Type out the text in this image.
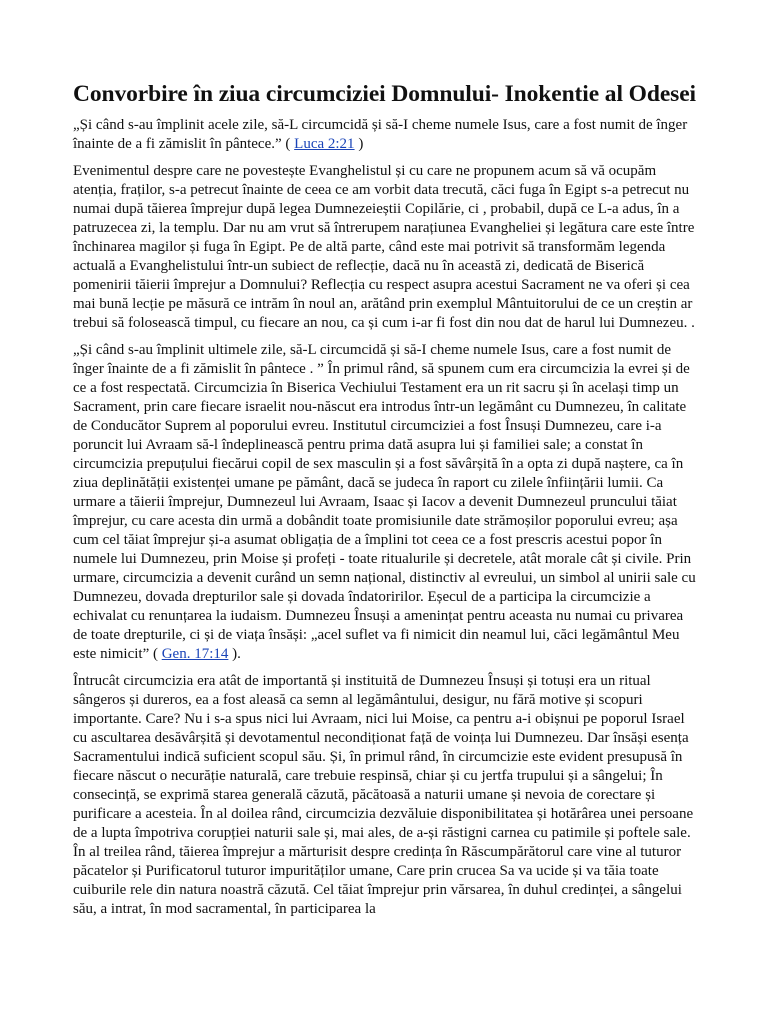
Convorbire în ziua circumciziei Domnului- Inokentie al Odesei

„Și când s-au împlinit acele zile, să-L circumcidă și să-I cheme numele Isus, care a fost numit de înger înainte de a fi zămislit în pântece.” ( Luca 2:21 )

Evenimentul despre care ne povestește Evanghelistul și cu care ne propunem acum să vă ocupăm atenția, fraților, s-a petrecut înainte de ceea ce am vorbit data trecută, căci fuga în Egipt s-a petrecut nu numai după tăierea împrejur după legea Dumnezeieștii Copilărie, ci , probabil, după ce L-a adus, în a patruzecea zi, la templu. Dar nu am vrut să întrerupem narațiunea Evangheliei și legătura care este între închinarea magilor și fuga în Egipt. Pe de altă parte, când este mai potrivit să transformăm legenda actuală a Evanghelistului într-un subiect de reflecție, dacă nu în această zi, dedicată de Biserică pomenirii tăierii împrejur a Domnului? Reflecția cu respect asupra acestui Sacrament ne va oferi și cea mai bună lecție pe măsură ce intrăm în noul an, arătând prin exemplul Mântuitorului de ce un creștin ar trebui să folosească timpul, cu fiecare an nou, ca și cum i-ar fi fost din nou dat de harul lui Dumnezeu. .

„Și când s-au împlinit ultimele zile, să-L circumcidă și să-I cheme numele Isus, care a fost numit de înger înainte de a fi zămislit în pântece . ” În primul rând, să spunem cum era circumcizia la evrei și de ce a fost respectată. Circumcizia în Biserica Vechiului Testament era un rit sacru și în același timp un Sacrament, prin care fiecare israelit nou-născut era introdus într-un legământ cu Dumnezeu, în calitate de Conducător Suprem al poporului evreu. Institutul circumciziei a fost Însuși Dumnezeu, care i-a poruncit lui Avraam să-l îndeplinească pentru prima dată asupra lui și familiei sale; a constat în circumcizia prepuțului fiecărui copil de sex masculin și a fost săvârșită în a opta zi după naștere, ca în ziua deplinătății existenței umane pe pământ, dacă se judeca în raport cu zilele înființării lumii. Ca urmare a tăierii împrejur, Dumnezeul lui Avraam, Isaac și Iacov a devenit Dumnezeul pruncului tăiat împrejur, cu care acesta din urmă a dobândit toate promisiunile date strămoșilor poporului evreu; așa cum cel tăiat împrejur și-a asumat obligația de a împlini tot ceea ce a fost prescris acestui popor în numele lui Dumnezeu, prin Moise și profeți - toate ritualurile și decretele, atât morale cât și civile. Prin urmare, circumcizia a devenit curând un semn național, distinctiv al evreului, un simbol al unirii sale cu Dumnezeu, dovada drepturilor sale și dovada îndatoririlor. Eșecul de a participa la circumcizie a echivalat cu renunțarea la iudaism. Dumnezeu Însuși a amenințat pentru aceasta nu numai cu privarea de toate drepturile, ci și de viața însăși: „acel suflet va fi nimicit din neamul lui, căci legământul Meu este nimicit” ( Gen. 17:14 ).

Întrucât circumcizia era atât de importantă și instituită de Dumnezeu Însuși și totuși era un ritual sângeros și dureros, ea a fost aleasă ca semn al legământului, desigur, nu fără motive și scopuri importante. Care? Nu i s-a spus nici lui Avraam, nici lui Moise, ca pentru a-i obișnui pe poporul Israel cu ascultarea desăvârșită și devotamentul necondiționat față de voința lui Dumnezeu. Dar însăși esența Sacramentului indică suficient scopul său. Și, în primul rând, în circumcizie este evident presupusă în fiecare născut o necurăție naturală, care trebuie respinsă, chiar și cu jertfa trupului și a sângelui; În consecință, se exprimă starea generală căzută, păcătoasă a naturii umane și nevoia de corectare și purificare a acesteia. În al doilea rând, circumcizia dezvăluie disponibilitatea și hotărârea unei persoane de a lupta împotriva corupției naturii sale și, mai ales, de a-și răstigni carnea cu patimile și poftele sale. În al treilea rând, tăierea împrejur a mărturisit despre credința în Răscumpărătorul care vine al tuturor păcatelor și Purificatorul tuturor impurităților umane, Care prin crucea Sa va ucide și va tăia toate cuiburile rele din natura noastră căzută. Cel tăiat împrejur prin vărsarea, în duhul credinței, a sângelui său, a intrat, în mod sacramental, în participarea la
